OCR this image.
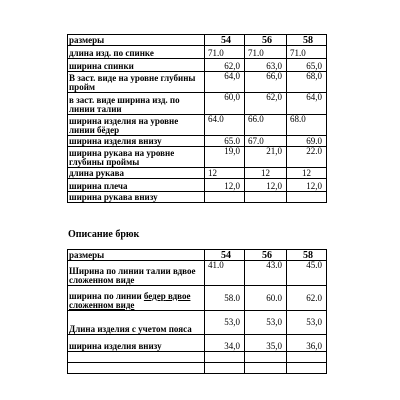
размеры	54	56	58
длина изд. по спинке	71.0	71.0	71.0
ширина спинки	62,0	63,0	65,0
В заст. виде на уровне глубины пройм	64,0	66,0	68,0
в заст. виде ширина изд. по линии талии	60,0	62,0	64,0
ширина изделия на уровне линии бёдер	64.0	66.0	68.0
ширина изделия внизу	65.0	67.0	69.0
ширина рукава на уровне глубины проймы	19,0	21,0	22.0
длина рукава	12	12	12
ширина плеча	12,0	12,0	12,0
ширина рукава внизу			
Описание брюк
размеры	54	56	58
Ширина по линии талии вдвое сложенном виде	41.0	43.0	45.0
ширина по линии бедер вдвое сложенном виде	58.0	60.0	62.0
Длина изделия с учетом пояса	53,0	53,0	53,0
ширина изделия внизу	34,0	35,0	36,0
